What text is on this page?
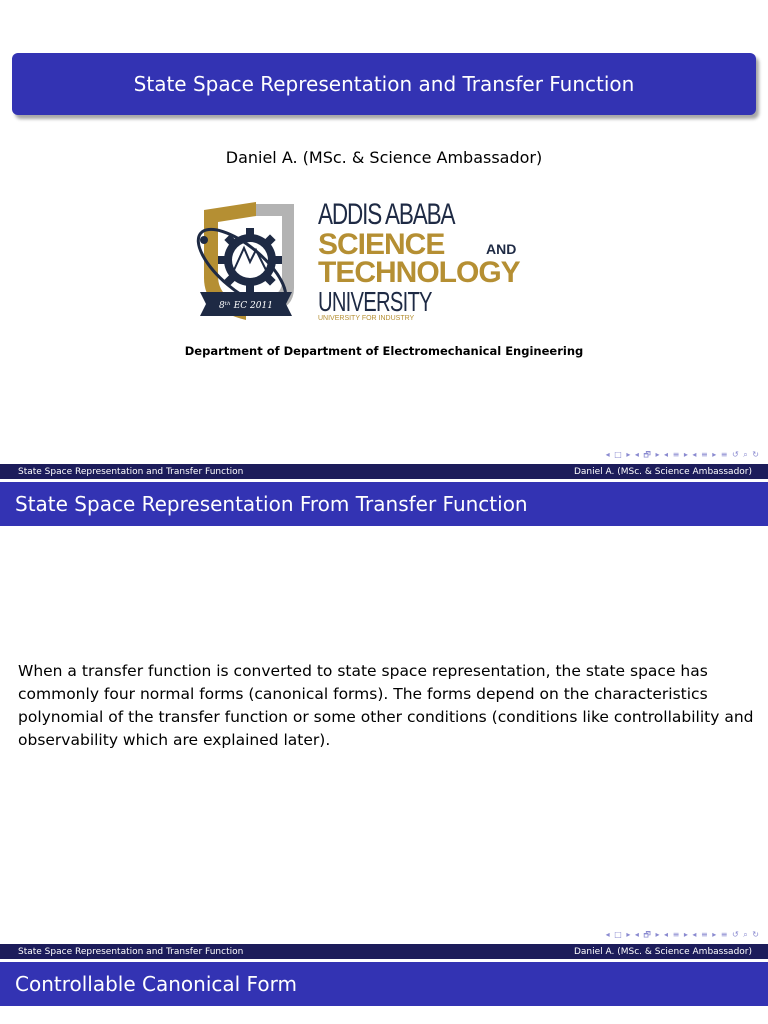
State Space Representation and Transfer Function
Daniel A. (MSc. & Science Ambassador)
8ᵗʰ EC 2011
ADDIS ABABA
SCIENCE	AND
TECHNOLOGY
UNIVERSITY
UNIVERSITY FOR INDUSTRY
Department of Department of Electromechanical Engineering
◂ □ ▸ ◂ 🗗 ▸ ◂ ≡ ▸ ◂ ≡ ▸ ≡ ↺ ⌕ ↻
State Space Representation and Transfer Function	Daniel A. (MSc. & Science Ambassador)
State Space Representation From Transfer Function
When a transfer function is converted to state space representation, the state space has commonly four normal forms (canonical forms). The forms depend on the characteristics polynomial of the transfer function or some other conditions (conditions like controllability and observability which are explained later).
◂ □ ▸ ◂ 🗗 ▸ ◂ ≡ ▸ ◂ ≡ ▸ ≡ ↺ ⌕ ↻
State Space Representation and Transfer Function	Daniel A. (MSc. & Science Ambassador)
Controllable Canonical Form
